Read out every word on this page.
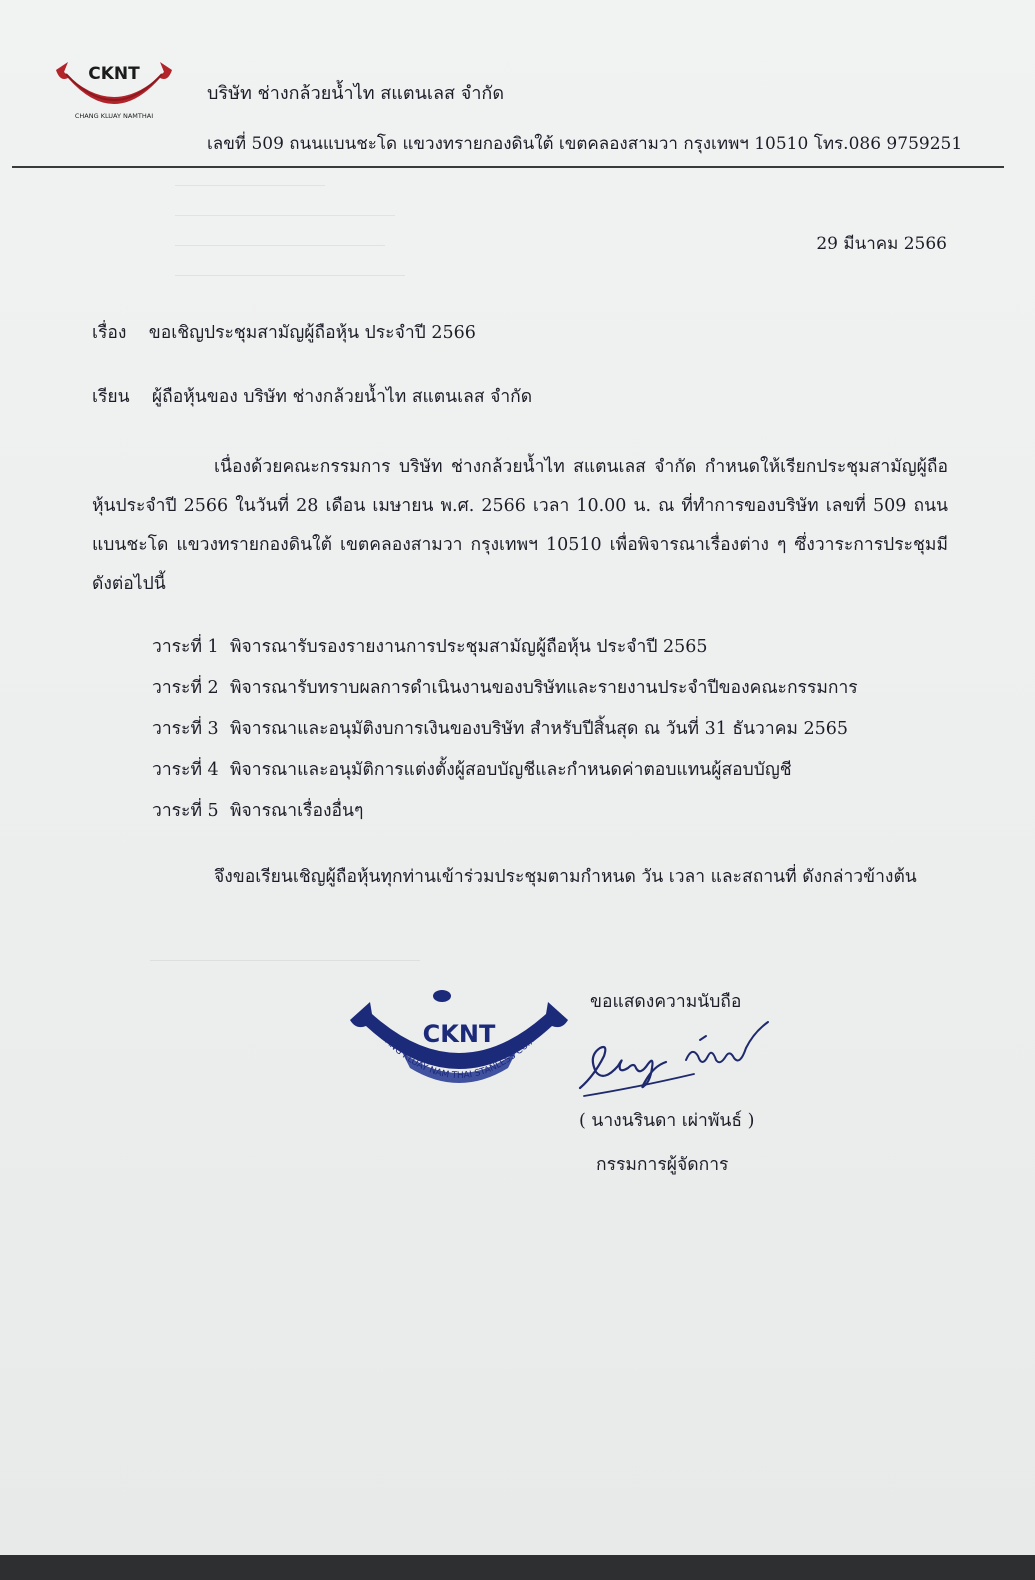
CKNT
CHANG KLUAY NAMTHAI
บริษัท ช่างกล้วยน้ำไท สแตนเลส จำกัด
เลขที่ 509 ถนนแบนชะโด แขวงทรายกองดินใต้ เขตคลองสามวา กรุงเทพฯ 10510 โทร.086 9759251
29 มีนาคม 2566
เรื่อง ขอเชิญประชุมสามัญผู้ถือหุ้น ประจำปี 2566
เรียน ผู้ถือหุ้นของ บริษัท ช่างกล้วยน้ำไท สแตนเลส จำกัด
เนื่องด้วยคณะกรรมการ บริษัท ช่างกล้วยน้ำไท สแตนเลส จำกัด กำหนดให้เรียกประชุมสามัญผู้ถือหุ้นประจำปี 2566 ในวันที่ 28 เดือน เมษายน พ.ศ. 2566 เวลา 10.00 น. ณ ที่ทำการของบริษัท เลขที่ 509 ถนนแบนชะโด แขวงทรายกองดินใต้ เขตคลองสามวา กรุงเทพฯ 10510 เพื่อพิจารณาเรื่องต่าง ๆ ซึ่งวาระการประชุมมีดังต่อไปนี้
วาระที่ 1 พิจารณารับรองรายงานการประชุมสามัญผู้ถือหุ้น ประจำปี 2565
วาระที่ 2 พิจารณารับทราบผลการดำเนินงานของบริษัทและรายงานประจำปีของคณะกรรมการ
วาระที่ 3 พิจารณาและอนุมัติงบการเงินของบริษัท สำหรับปีสิ้นสุด ณ วันที่ 31 ธันวาคม 2565
วาระที่ 4 พิจารณาและอนุมัติการแต่งตั้งผู้สอบบัญชีและกำหนดค่าตอบแทนผู้สอบบัญชี
วาระที่ 5 พิจารณาเรื่องอื่นๆ
จึงขอเรียนเชิญผู้ถือหุ้นทุกท่านเข้าร่วมประชุมตามกำหนด วัน เวลา และสถานที่ ดังกล่าวข้างต้น
CKNT
CHANG KLUAY NAM THAI STANLESS CO.,LTD.
ขอแสดงความนับถือ
( นางนรินดา เผ่าพันธ์ )
กรรมการผู้จัดการ
